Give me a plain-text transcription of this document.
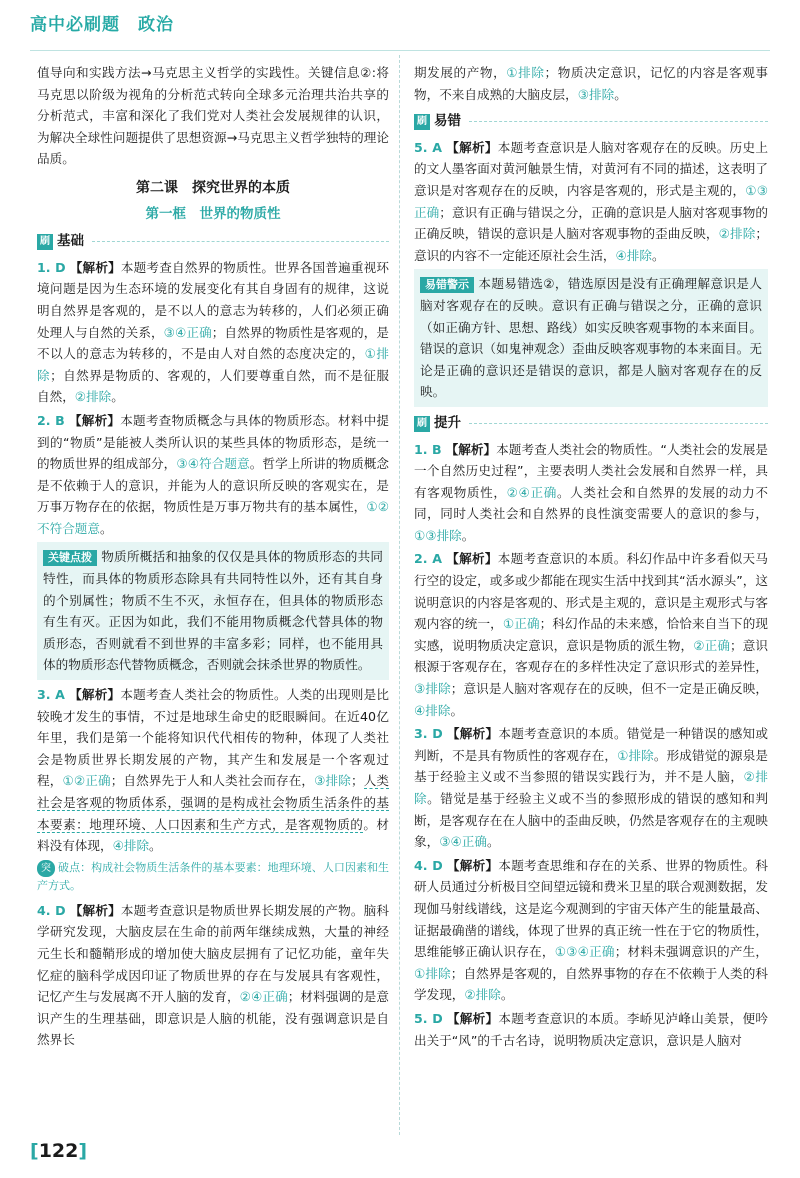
高中必刷题　政治

值导向和实践方法→马克思主义哲学的实践性。关键信息②:将马克思以阶级为视角的分析范式转向全球多元治理共治共享的分析范式，丰富和深化了我们党对人类社会发展规律的认识，为解决全球性问题提供了思想资源→马克思主义哲学独特的理论品质。

第二课　探究世界的本质
第一框　世界的物质性
刷 基础

1. D 【解析】本题考查自然界的物质性。世界各国普遍重视环境问题是因为生态环境的发展变化有其自身固有的规律，这说明自然界是客观的，是不以人的意志为转移的，人们必须正确处理人与自然的关系，③④正确；自然界的物质性是客观的，是不以人的意志为转移的，不是由人对自然的态度决定的，①排除；自然界是物质的、客观的，人们要尊重自然，而不是征服自然，②排除。

2. B 【解析】本题考查物质概念与具体的物质形态。材料中提到的“物质”是能被人类所认识的某些具体的物质形态，是统一的物质世界的组成部分，③④符合题意。哲学上所讲的物质概念是不依赖于人的意识，并能为人的意识所反映的客观实在，是万事万物存在的依据，物质性是万事万物共有的基本属性，①②不符合题意。

关键点拨 物质所概括和抽象的仅仅是具体的物质形态的共同特性，而具体的物质形态除具有共同特性以外，还有其自身的个别属性；物质不生不灭，永恒存在，但具体的物质形态有生有灭。正因为如此，我们不能用物质概念代替具体的物质形态，否则就看不到世界的丰富多彩；同样，也不能用具体的物质形态代替物质概念，否则就会抹杀世界的物质性。

3. A 【解析】本题考查人类社会的物质性。人类的出现则是比较晚才发生的事情，不过是地球生命史的眨眼瞬间。在近40亿年里，我们是第一个能将知识代代相传的物种，体现了人类社会是物质世界长期发展的产物，其产生和发展是一个客观过程，①②正确；自然界先于人和人类社会而存在，③排除；人类社会是客观的物质体系，强调的是构成社会物质生活条件的基本要素：地理环境、人口因素和生产方式，是客观物质的。材料没有体现，④排除。

突 破点：构成社会物质生活条件的基本要素：地理环境、人口因素和生产方式。

4. D 【解析】本题考查意识是物质世界长期发展的产物。脑科学研究发现，大脑皮层在生命的前两年继续成熟，大量的神经元生长和髓鞘形成的增加使大脑皮层拥有了记忆功能，童年失忆症的脑科学成因印证了物质世界的存在与发展具有客观性，记忆产生与发展离不开人脑的发育，②④正确；材料强调的是意识产生的生理基础，即意识是人脑的机能，没有强调意识是自然界长

期发展的产物，①排除；物质决定意识，记忆的内容是客观事物，不来自成熟的大脑皮层，③排除。

刷 易错

5. A 【解析】本题考查意识是人脑对客观存在的反映。历史上的文人墨客面对黄河触景生情，对黄河有不同的描述，这表明了意识是对客观存在的反映，内容是客观的，形式是主观的，①③正确；意识有正确与错误之分，正确的意识是人脑对客观事物的正确反映，错误的意识是人脑对客观事物的歪曲反映，②排除；意识的内容不一定能还原社会生活，④排除。

易错警示 本题易错选②，错选原因是没有正确理解意识是人脑对客观存在的反映。意识有正确与错误之分，正确的意识（如正确方针、思想、路线）如实反映客观事物的本来面目。错误的意识（如鬼神观念）歪曲反映客观事物的本来面目。无论是正确的意识还是错误的意识，都是人脑对客观存在的反映。
刷 提升

1. B 【解析】本题考查人类社会的物质性。“人类社会的发展是一个自然历史过程”，主要表明人类社会发展和自然界一样，具有客观物质性，②④正确。人类社会和自然界的发展的动力不同，同时人类社会和自然界的良性演变需要人的意识的参与，①③排除。

2. A 【解析】本题考查意识的本质。科幻作品中许多看似天马行空的设定，或多或少都能在现实生活中找到其“活水源头”，这说明意识的内容是客观的、形式是主观的，意识是主观形式与客观内容的统一，①正确；科幻作品的未来感，恰恰来自当下的现实感，说明物质决定意识，意识是物质的派生物，②正确；意识根源于客观存在，客观存在的多样性决定了意识形式的差异性，③排除；意识是人脑对客观存在的反映，但不一定是正确反映，④排除。

3. D 【解析】本题考查意识的本质。错觉是一种错误的感知或判断，不是具有物质性的客观存在，①排除。形成错觉的源泉是基于经验主义或不当参照的错误实践行为，并不是人脑，②排除。错觉是基于经验主义或不当的参照形成的错误的感知和判断，是客观存在在人脑中的歪曲反映，仍然是客观存在的主观映象，③④正确。

4. D 【解析】本题考查思维和存在的关系、世界的物质性。科研人员通过分析极目空间望远镜和费米卫星的联合观测数据，发现伽马射线谱线，这是迄今观测到的宇宙天体产生的能量最高、证据最确凿的谱线，体现了世界的真正统一性在于它的物质性，思维能够正确认识存在，①③④正确；材料未强调意识的产生，①排除；自然界是客观的，自然界事物的存在不依赖于人类的科学发现，②排除。

5. D 【解析】本题考查意识的本质。李峤见泸峰山美景，便吟出关于“风”的千古名诗，说明物质决定意识，意识是人脑对

[122]
